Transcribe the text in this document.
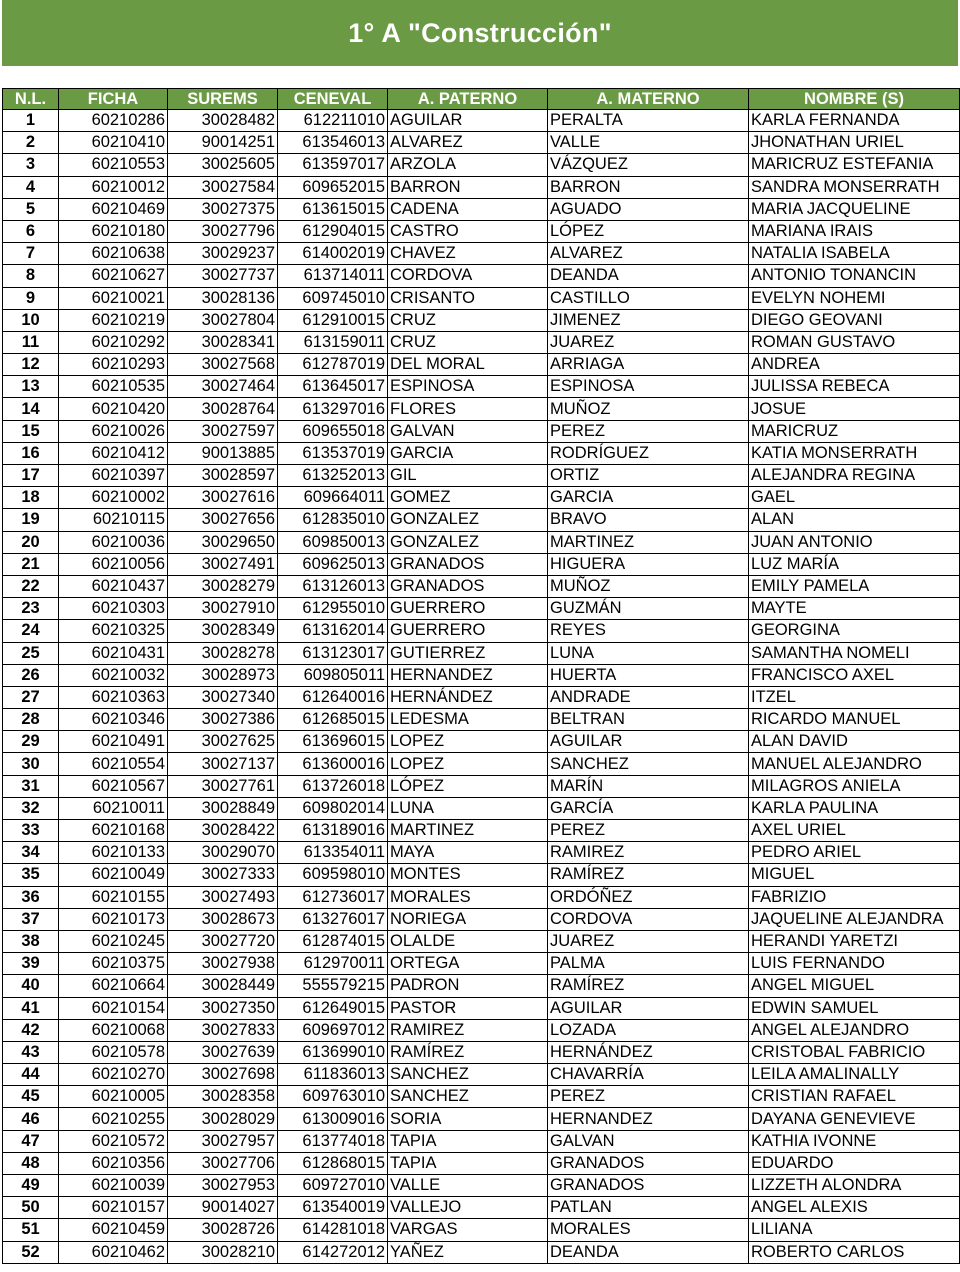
1° A "Construcción"
N.L.	FICHA	SUREMS	CENEVAL	A. PATERNO	A. MATERNO	NOMBRE (S)
1	60210286	30028482	612211010	AGUILAR	PERALTA	KARLA FERNANDA
2	60210410	90014251	613546013	ALVAREZ	VALLE	JHONATHAN URIEL
3	60210553	30025605	613597017	ARZOLA	VÁZQUEZ	MARICRUZ ESTEFANIA
4	60210012	30027584	609652015	BARRON	BARRON	SANDRA MONSERRATH
5	60210469	30027375	613615015	CADENA	AGUADO	MARIA JACQUELINE
6	60210180	30027796	612904015	CASTRO	LÓPEZ	MARIANA IRAIS
7	60210638	30029237	614002019	CHAVEZ	ALVAREZ	NATALIA ISABELA
8	60210627	30027737	613714011	CORDOVA	DEANDA	ANTONIO TONANCIN
9	60210021	30028136	609745010	CRISANTO	CASTILLO	EVELYN NOHEMI
10	60210219	30027804	612910015	CRUZ	JIMENEZ	DIEGO GEOVANI
11	60210292	30028341	613159011	CRUZ	JUAREZ	ROMAN GUSTAVO
12	60210293	30027568	612787019	DEL MORAL	ARRIAGA	ANDREA
13	60210535	30027464	613645017	ESPINOSA	ESPINOSA	JULISSA REBECA
14	60210420	30028764	613297016	FLORES	MUÑOZ	JOSUE
15	60210026	30027597	609655018	GALVAN	PEREZ	MARICRUZ
16	60210412	90013885	613537019	GARCIA	RODRÍGUEZ	KATIA MONSERRATH
17	60210397	30028597	613252013	GIL	ORTIZ	ALEJANDRA REGINA
18	60210002	30027616	609664011	GOMEZ	GARCIA	GAEL
19	60210115	30027656	612835010	GONZALEZ	BRAVO	ALAN
20	60210036	30029650	609850013	GONZALEZ	MARTINEZ	JUAN ANTONIO
21	60210056	30027491	609625013	GRANADOS	HIGUERA	LUZ MARÍA
22	60210437	30028279	613126013	GRANADOS	MUÑOZ	EMILY PAMELA
23	60210303	30027910	612955010	GUERRERO	GUZMÁN	MAYTE
24	60210325	30028349	613162014	GUERRERO	REYES	GEORGINA
25	60210431	30028278	613123017	GUTIERREZ	LUNA	SAMANTHA NOMELI
26	60210032	30028973	609805011	HERNANDEZ	HUERTA	FRANCISCO AXEL
27	60210363	30027340	612640016	HERNÁNDEZ	ANDRADE	ITZEL
28	60210346	30027386	612685015	LEDESMA	BELTRAN	RICARDO MANUEL
29	60210491	30027625	613696015	LOPEZ	AGUILAR	ALAN DAVID
30	60210554	30027137	613600016	LOPEZ	SANCHEZ	MANUEL ALEJANDRO
31	60210567	30027761	613726018	LÓPEZ	MARÍN	MILAGROS ANIELA
32	60210011	30028849	609802014	LUNA	GARCÍA	KARLA PAULINA
33	60210168	30028422	613189016	MARTINEZ	PEREZ	AXEL URIEL
34	60210133	30029070	613354011	MAYA	RAMIREZ	PEDRO ARIEL
35	60210049	30027333	609598010	MONTES	RAMÍREZ	MIGUEL
36	60210155	30027493	612736017	MORALES	ORDÓÑEZ	FABRIZIO
37	60210173	30028673	613276017	NORIEGA	CORDOVA	JAQUELINE ALEJANDRA
38	60210245	30027720	612874015	OLALDE	JUAREZ	HERANDI YARETZI
39	60210375	30027938	612970011	ORTEGA	PALMA	LUIS FERNANDO
40	60210664	30028449	555579215	PADRON	RAMÍREZ	ANGEL MIGUEL
41	60210154	30027350	612649015	PASTOR	AGUILAR	EDWIN SAMUEL
42	60210068	30027833	609697012	RAMIREZ	LOZADA	ANGEL ALEJANDRO
43	60210578	30027639	613699010	RAMÍREZ	HERNÁNDEZ	CRISTOBAL FABRICIO
44	60210270	30027698	611836013	SANCHEZ	CHAVARRÍA	LEILA AMALINALLY
45	60210005	30028358	609763010	SANCHEZ	PEREZ	CRISTIAN RAFAEL
46	60210255	30028029	613009016	SORIA	HERNANDEZ	DAYANA GENEVIEVE
47	60210572	30027957	613774018	TAPIA	GALVAN	KATHIA IVONNE
48	60210356	30027706	612868015	TAPIA	GRANADOS	EDUARDO
49	60210039	30027953	609727010	VALLE	GRANADOS	LIZZETH ALONDRA
50	60210157	90014027	613540019	VALLEJO	PATLAN	ANGEL ALEXIS
51	60210459	30028726	614281018	VARGAS	MORALES	LILIANA
52	60210462	30028210	614272012	YAÑEZ	DEANDA	ROBERTO CARLOS
